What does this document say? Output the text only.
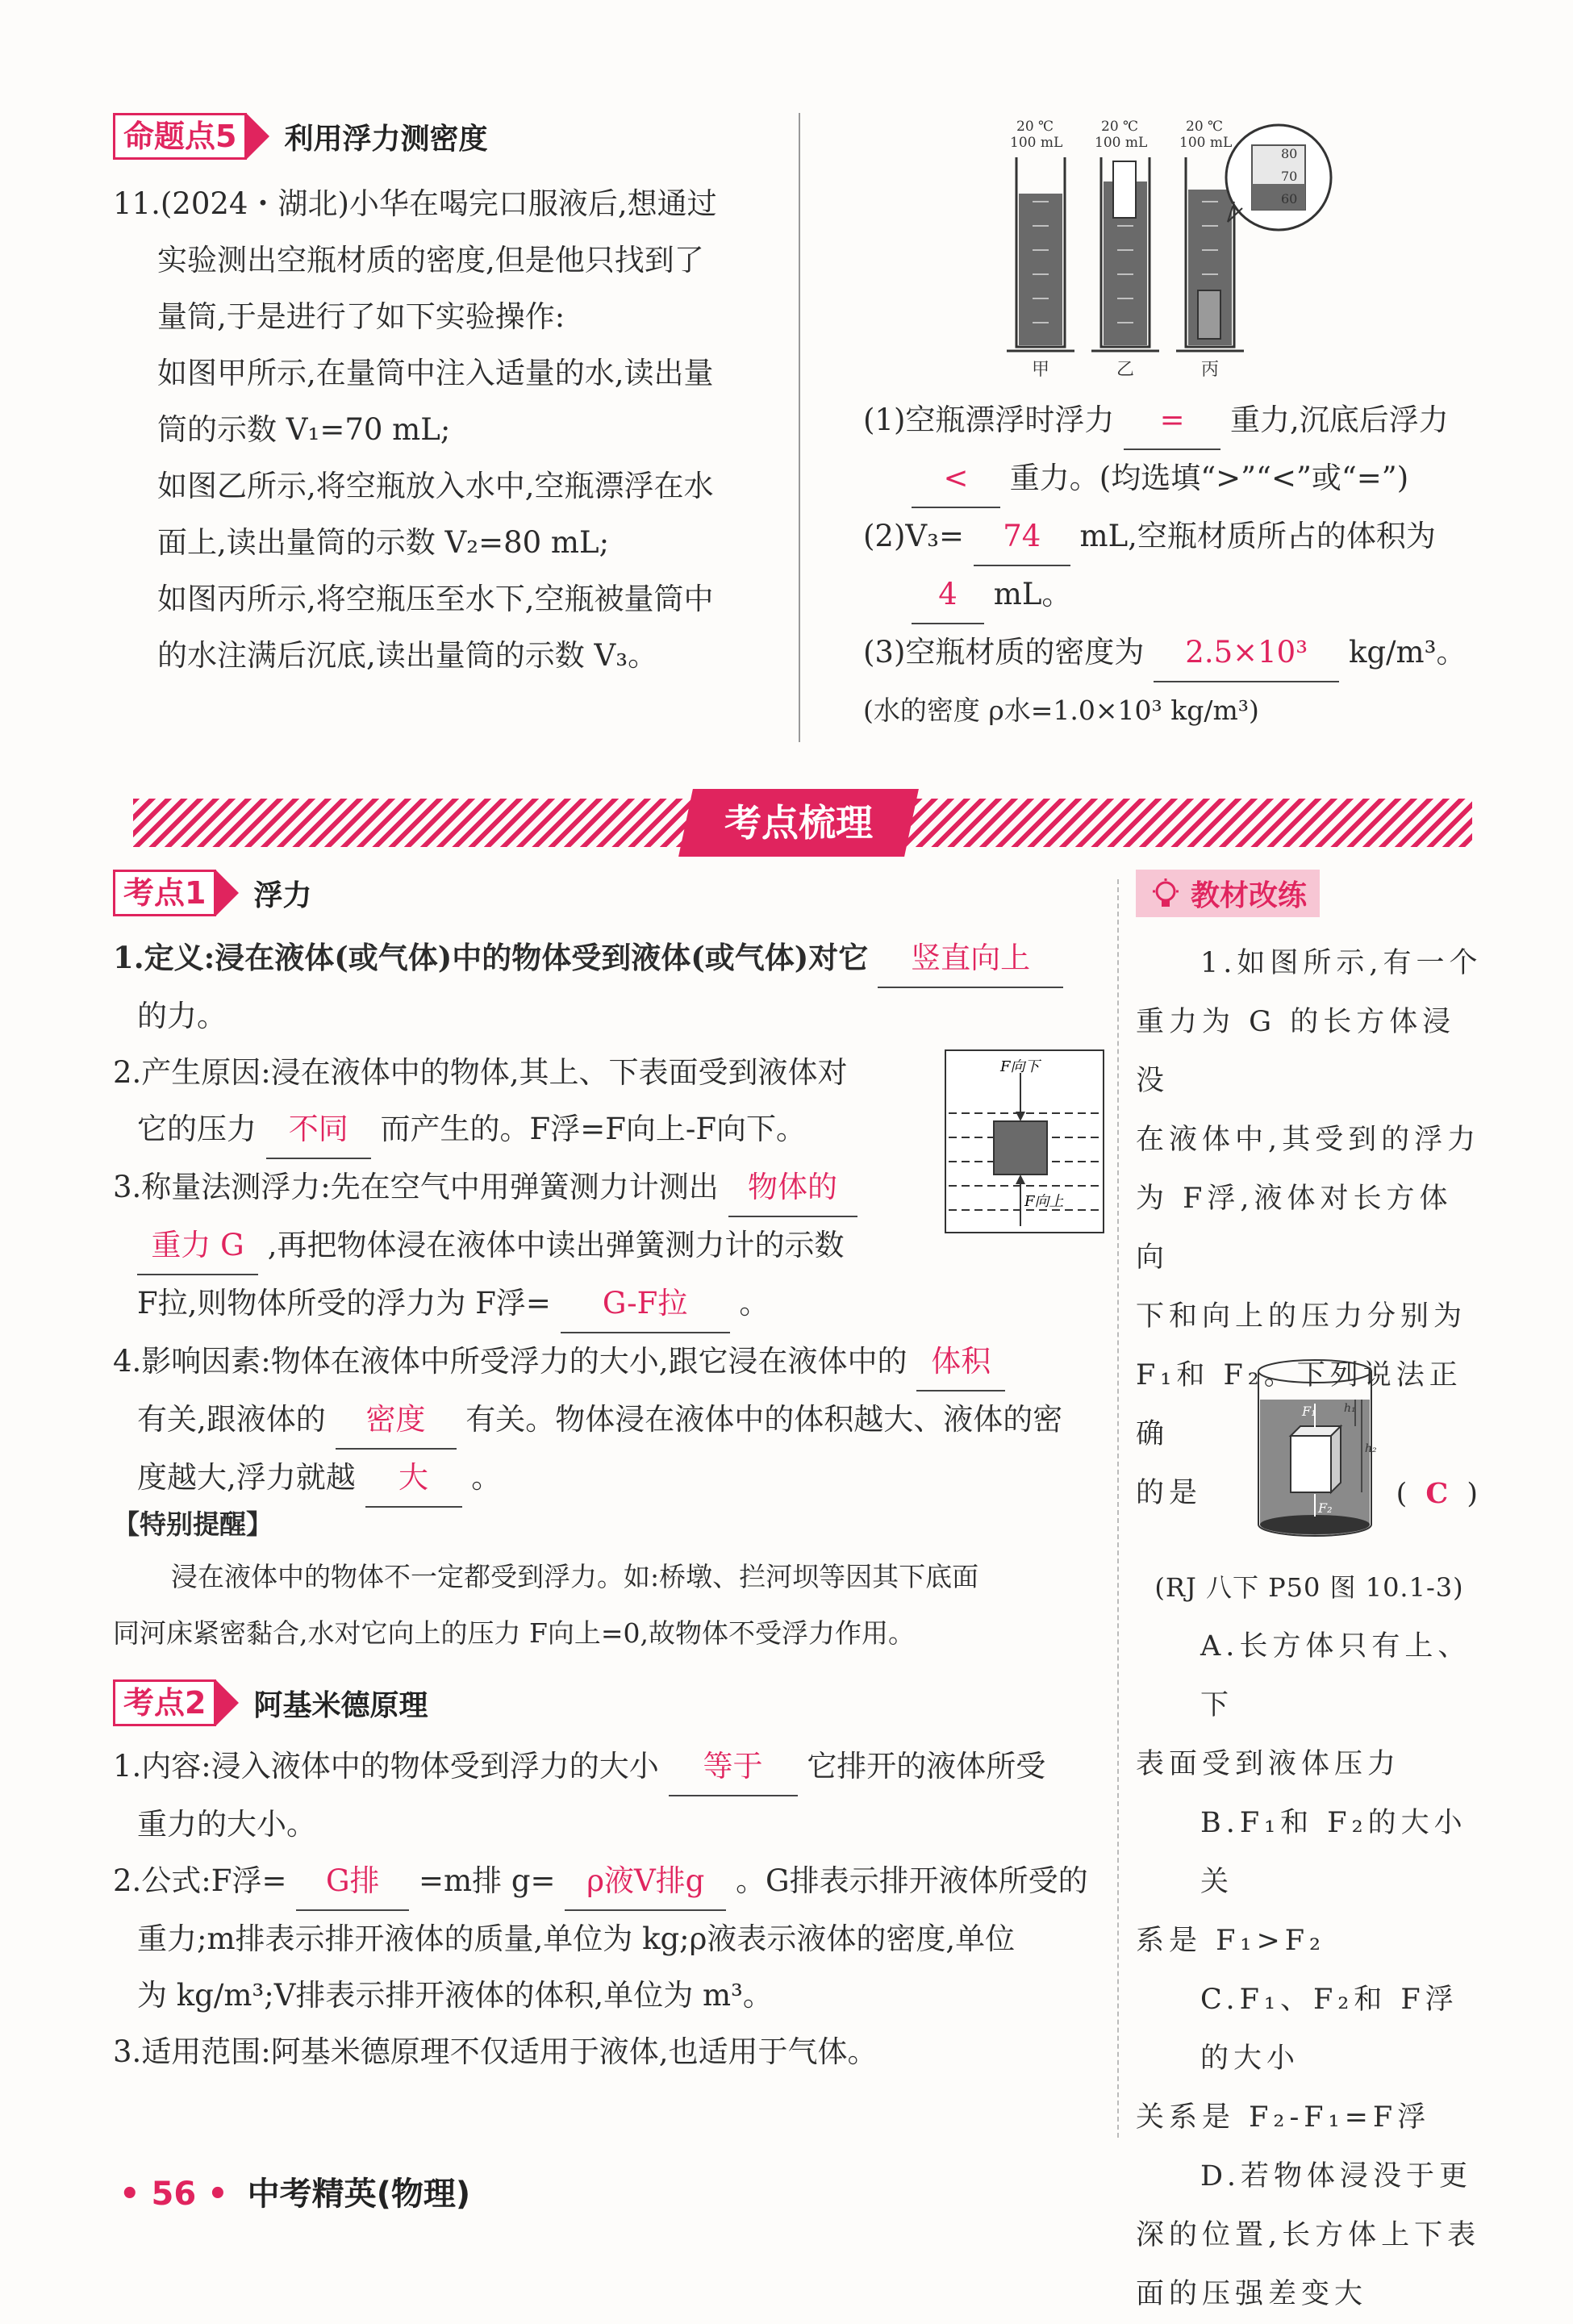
命题点5	利用浮力测密度
11.(2024・湖北)小华在喝完口服液后,想通过
实验测出空瓶材质的密度,但是他只找到了
量筒,于是进行了如下实验操作:
如图甲所示,在量筒中注入适量的水,读出量
筒的示数 V₁=70 mL;
如图乙所示,将空瓶放入水中,空瓶漂浮在水
面上,读出量筒的示数 V₂=80 mL;
如图丙所示,将空瓶压至水下,空瓶被量筒中
的水注满后沉底,读出量筒的示数 V₃。
20 ℃
100 mL
20 ℃
100 mL
20 ℃
100 mL
甲	乙	丙
80
70
60
(1)空瓶漂浮时浮力 = 重力,沉底后浮力
< 重力。(均选填“>”“<”或“=”)
(2)V₃= 74 mL,空瓶材质所占的体积为
4 mL。
(3)空瓶材质的密度为 2.5×10³ kg/m³。
(水的密度 ρ水=1.0×10³ kg/m³)
考点梳理
考点1	浮力
1.定义:浸在液体(或气体)中的物体受到液体(或气体)对它 竖直向上
的力。
2.产生原因:浸在液体中的物体,其上、下表面受到液体对
它的压力 不同 而产生的。F浮=F向上-F向下。
3.称量法测浮力:先在空气中用弹簧测力计测出 物体的
重力 G ,再把物体浸在液体中读出弹簧测力计的示数
F拉,则物体所受的浮力为 F浮= G-F拉 。
4.影响因素:物体在液体中所受浮力的大小,跟它浸在液体中的 体积
有关,跟液体的 密度 有关。物体浸在液体中的体积越大、液体的密
度越大,浮力就越 大 。
F向下
F向上
【特别提醒】
浸在液体中的物体不一定都受到浮力。如:桥墩、拦河坝等因其下底面
同河床紧密黏合,水对它向上的压力 F向上=0,故物体不受浮力作用。
考点2	阿基米德原理
1.内容:浸入液体中的物体受到浮力的大小 等于 它排开的液体所受
重力的大小。
2.公式:F浮= G排 =m排 g= ρ液V排g 。G排表示排开液体所受的
重力;m排表示排开液体的质量,单位为 kg;ρ液表示液体的密度,单位
为 kg/m³;V排表示排开液体的体积,单位为 m³。
3.适用范围:阿基米德原理不仅适用于液体,也适用于气体。
教材改练
1.如图所示,有一个
重力为 G 的长方体浸没
在液体中,其受到的浮力
为 F浮,液体对长方体向
下和向上的压力分别为
F₁和 F₂。下列说法正确
的是	( C )
F₁
F₂
h₁
h₂
(RJ 八下 P50 图 10.1-3)
A.长方体只有上、下
表面受到液体压力
B.F₁和 F₂的大小关
系是 F₁>F₂
C.F₁、F₂和 F浮的大小
关系是 F₂-F₁=F浮
D.若物体浸没于更
深的位置,长方体上下表
面的压强差变大
• 56 • 中考精英(物理)
